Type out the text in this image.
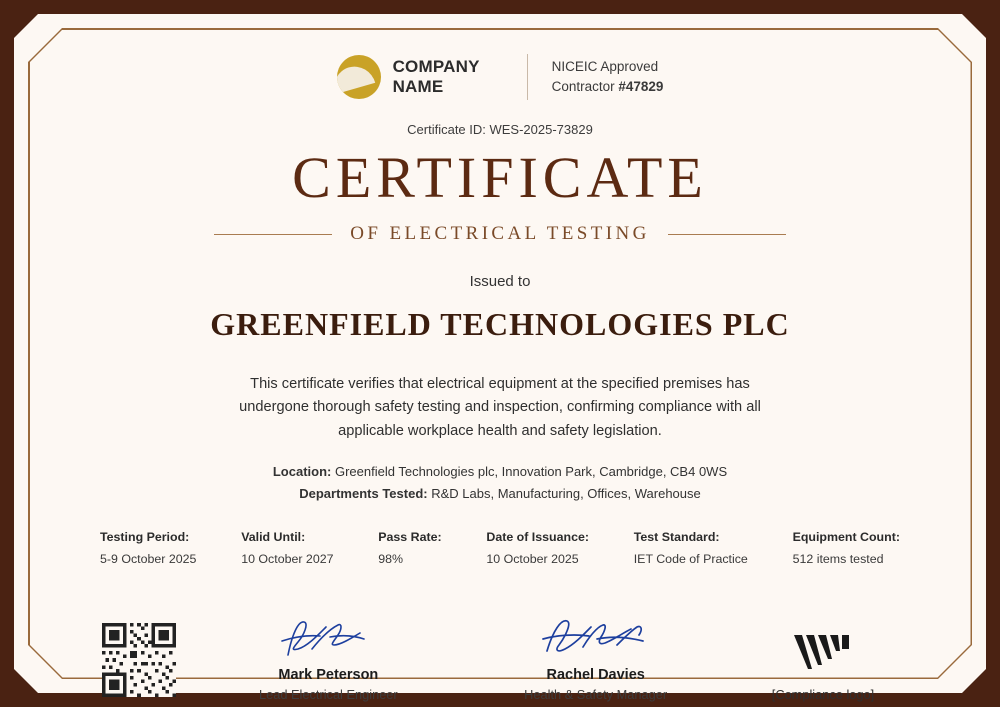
COMPANY NAME
NICEIC Approved
Contractor #47829
Certificate ID: WES-2025-73829
CERTIFICATE
OF ELECTRICAL TESTING
Issued to
GREENFIELD TECHNOLOGIES PLC
This certificate verifies that electrical equipment at the specified premises has undergone thorough safety testing and inspection, confirming compliance with all applicable workplace health and safety legislation.
Location: Greenfield Technologies plc, Innovation Park, Cambridge, CB4 0WS
Departments Tested: R&D Labs, Manufacturing, Offices, Warehouse
Testing Period:
5-9 October 2025
Valid Until:
10 October 2027
Pass Rate:
98%
Date of Issuance:
10 October 2025
Test Standard:
IET Code of Practice
Equipment Count:
512 items tested
Mark Peterson
Lead Electrical Engineer
Rachel Davies
Health & Safety Manager	[Compliance logo]
